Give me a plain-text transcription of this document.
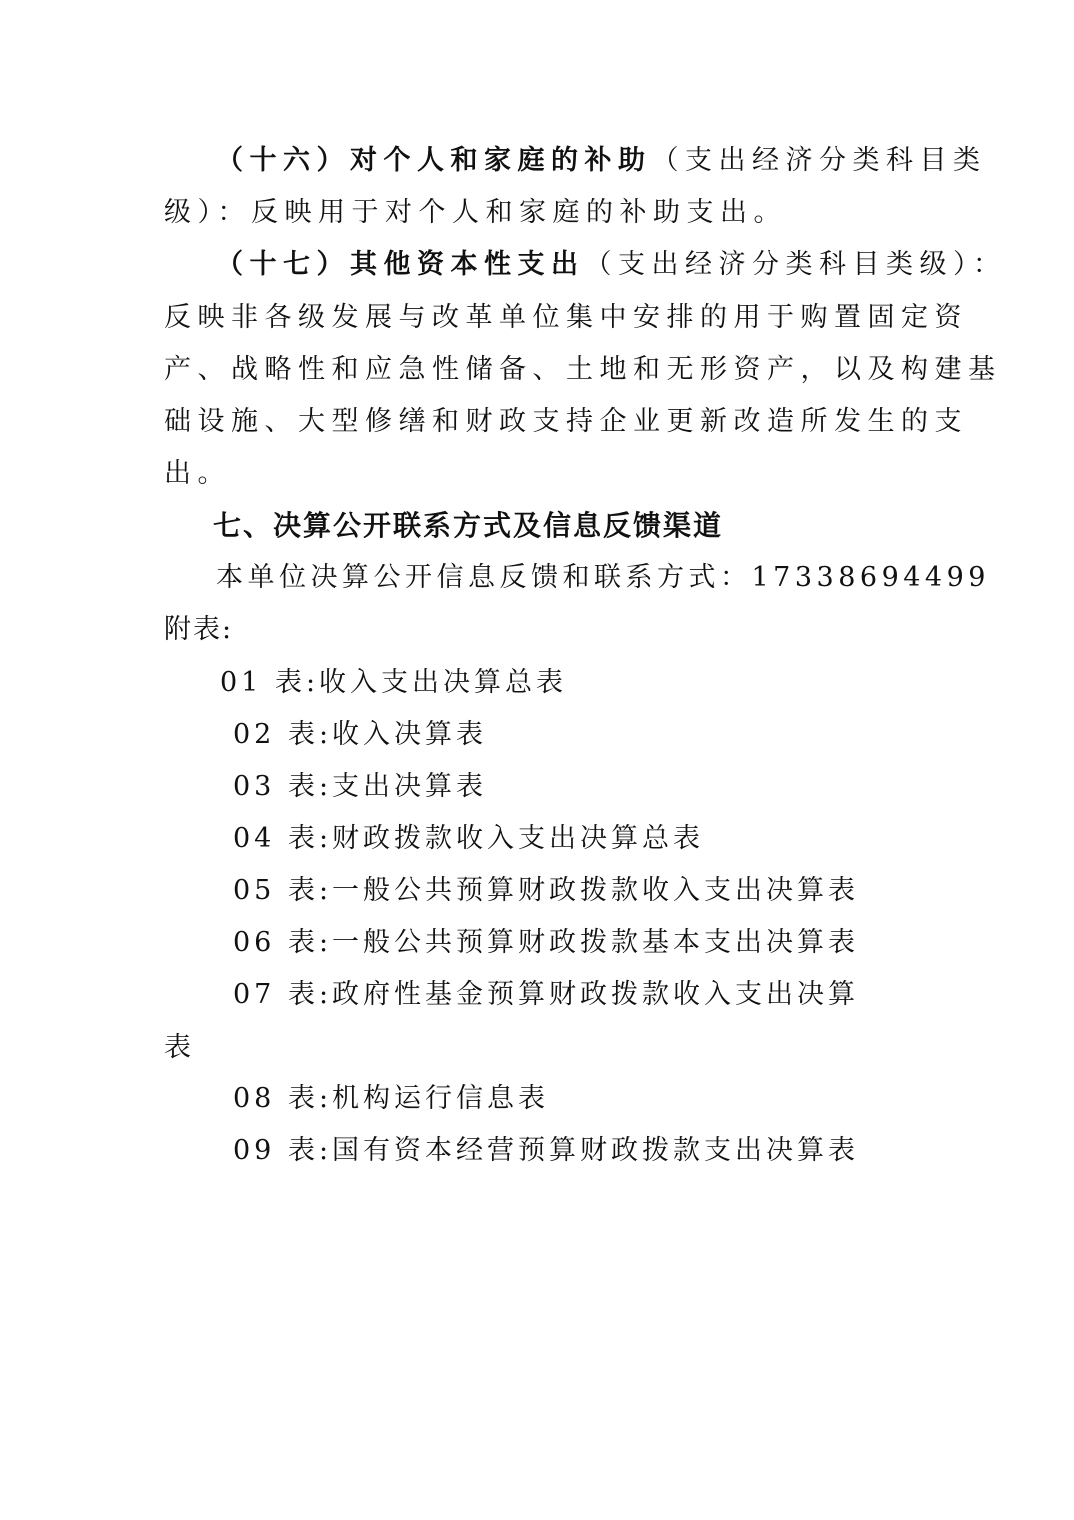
（十六）对个人和家庭的补助（支出经济分类科目类
级）：反映用于对个人和家庭的补助支出。
（十七）其他资本性支出（支出经济分类科目类级）：
反映非各级发展与改革单位集中安排的用于购置固定资
产、战略性和应急性储备、土地和无形资产，以及构建基
础设施、大型修缮和财政支持企业更新改造所发生的支
出。
七、决算公开联系方式及信息反馈渠道
本单位决算公开信息反馈和联系方式：17338694499
附表:
01 表:收入支出决算总表
02 表:收入决算表
03 表:支出决算表
04 表:财政拨款收入支出决算总表
05 表:一般公共预算财政拨款收入支出决算表
06 表:一般公共预算财政拨款基本支出决算表
07 表:政府性基金预算财政拨款收入支出决算
表
08 表:机构运行信息表
09 表:国有资本经营预算财政拨款支出决算表
